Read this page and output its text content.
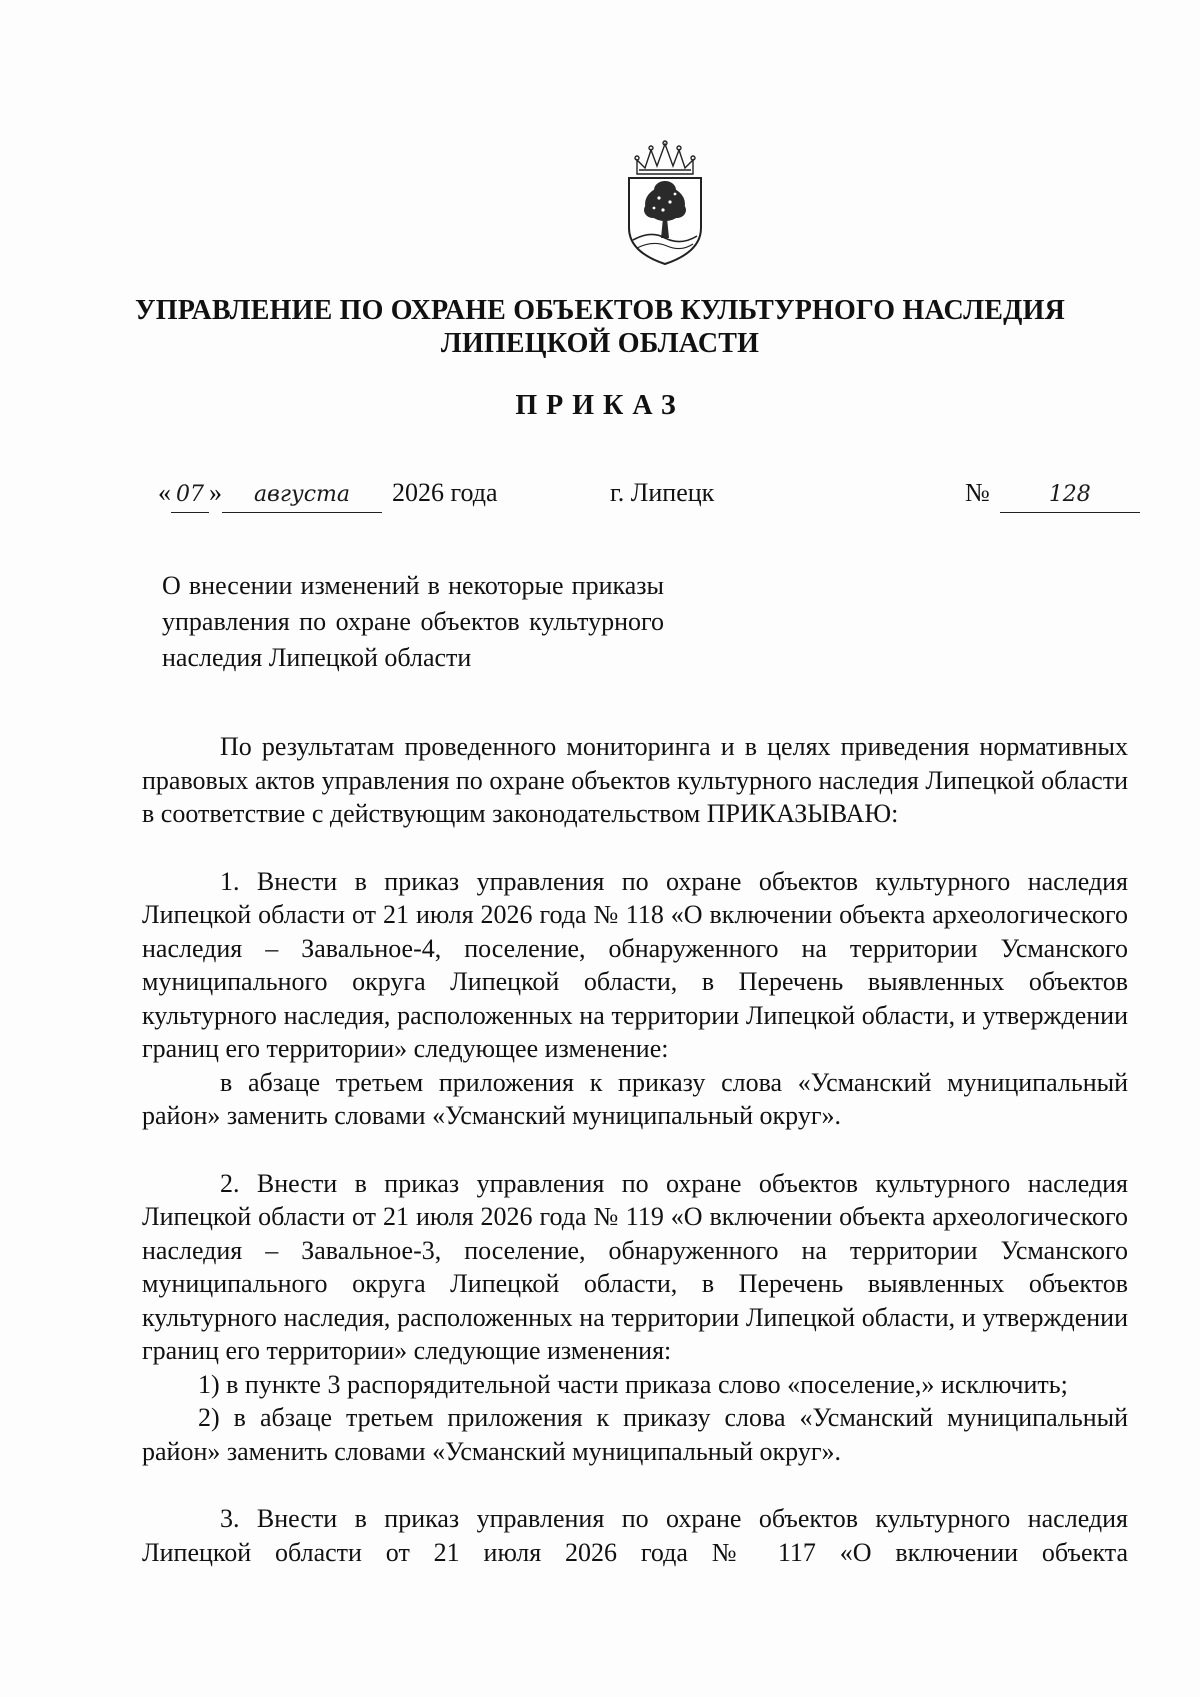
УПРАВЛЕНИЕ ПО ОХРАНЕ ОБЪЕКТОВ КУЛЬТУРНОГО НАСЛЕДИЯ
ЛИПЕЦКОЙ ОБЛАСТИ
ПРИКАЗ
« 07 » августа 2026 года	г. Липецк	№	128
О внесении изменений в некоторые приказы управления по охране объектов культурного наследия Липецкой области

По результатам проведенного мониторинга и в целях приведения нормативных правовых актов управления по охране объектов культурного наследия Липецкой области в соответствие с действующим законодательством ПРИКАЗЫВАЮ:

1. Внести в приказ управления по охране объектов культурного наследия Липецкой области от 21 июля 2026 года № 118 «О включении объекта археологического наследия – Завальное-4, поселение, обнаруженного на территории Усманского муниципального округа Липецкой области, в Перечень выявленных объектов культурного наследия, расположенных на территории Липецкой области, и утверждении границ его территории» следующее изменение:

в абзаце третьем приложения к приказу слова «Усманский муниципальный район» заменить словами «Усманский муниципальный округ».

2. Внести в приказ управления по охране объектов культурного наследия Липецкой области от 21 июля 2026 года № 119 «О включении объекта археологического наследия – Завальное-3, поселение, обнаруженного на территории Усманского муниципального округа Липецкой области, в Перечень выявленных объектов культурного наследия, расположенных на территории Липецкой области, и утверждении границ его территории» следующие изменения:

1) в пункте 3 распорядительной части приказа слово «поселение,» исключить;

2) в абзаце третьем приложения к приказу слова «Усманский муниципальный район» заменить словами «Усманский муниципальный округ».

3. Внести в приказ управления по охране объектов культурного наследия Липецкой области от 21 июля 2026 года № 117 «О включении объекта
